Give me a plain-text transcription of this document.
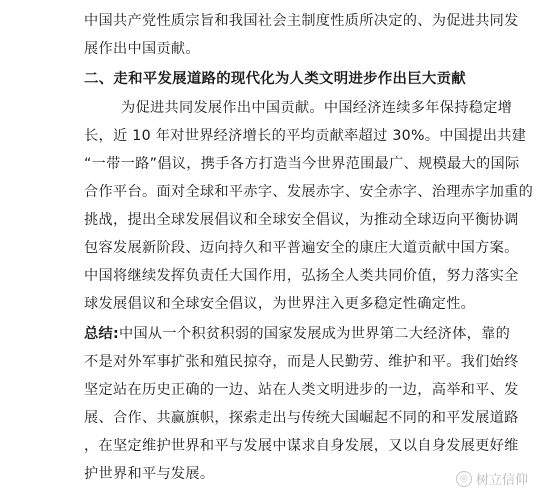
中国共产党性质宗旨和我国社会主制度性质所决定的、为促进共同发
展作出中国贡献。
二、走和平发展道路的现代化为人类文明进步作出巨大贡献
为促进共同发展作出中国贡献。中国经济连续多年保持稳定增
长，近 10 年对世界经济增长的平均贡献率超过 30%。中国提出共建
“一带一路”倡议，携手各方打造当今世界范围最广、规模最大的国际
合作平台。面对全球和平赤字、发展赤字、安全赤字、治理赤字加重的
挑战，提出全球发展倡议和全球安全倡议，为推动全球迈向平衡协调
包容发展新阶段、迈向持久和平普遍安全的康庄大道贡献中国方案。
中国将继续发挥负责任大国作用，弘扬全人类共同价值，努力落实全
球发展倡议和全球安全倡议，为世界注入更多稳定性确定性。
总结:中国从一个积贫积弱的国家发展成为世界第二大经济体，靠的
不是对外军事扩张和殖民掠夺，而是人民勤劳、维护和平。我们始终
坚定站在历史正确的一边、站在人类文明进步的一边，高举和平、发
展、合作、共赢旗帜，探索走出与传统大国崛起不同的和平发展道路
，在坚定维护世界和平与发展中谋求自身发展，又以自身发展更好维
护世界和平与发展。	◎ 树立信仰
